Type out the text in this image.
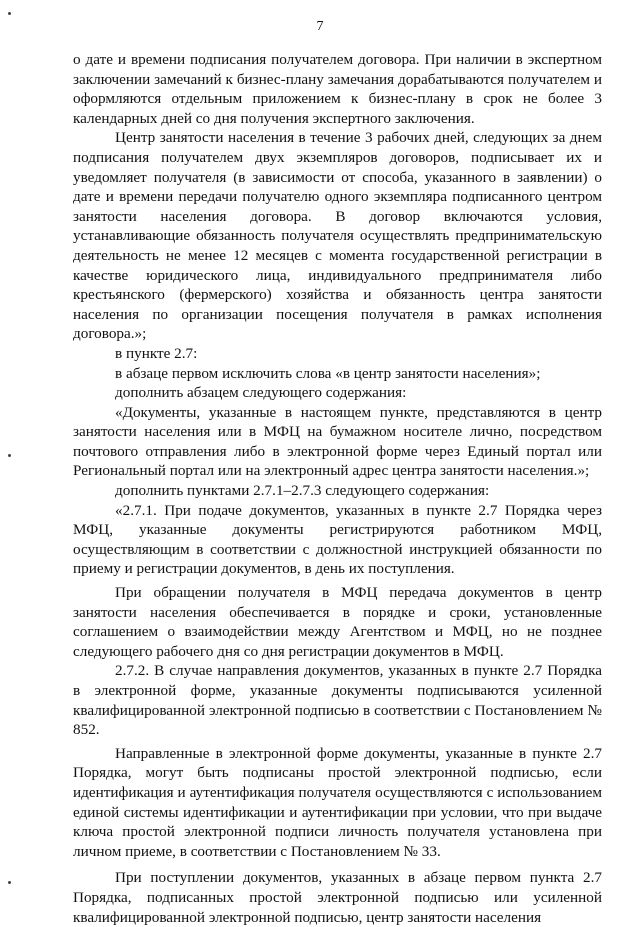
7

о дате и времени подписания получателем договора. При наличии в экспертном заключении замечаний к бизнес-плану замечания дорабатываются получателем и оформляются отдельным приложением к бизнес-плану в срок не более 3 календарных дней со дня получения экспертного заключения.

Центр занятости населения в течение 3 рабочих дней, следующих за днем подписания получателем двух экземпляров договоров, подписывает их и уведомляет получателя (в зависимости от способа, указанного в заявлении) о дате и времени передачи получателю одного экземпляра подписанного центром занятости населения договора. В договор включаются условия, устанавливающие обязанность получателя осуществлять предпринимательскую деятельность не менее 12 месяцев с момента государственной регистрации в качестве юридического лица, индивидуального предпринимателя либо крестьянского (фермерского) хозяйства и обязанность центра занятости населения по организации посещения получателя в рамках исполнения договора.»;

в пункте 2.7:

в абзаце первом исключить слова «в центр занятости населения»;

дополнить абзацем следующего содержания:

«Документы, указанные в настоящем пункте, представляются в центр занятости населения или в МФЦ на бумажном носителе лично, посредством почтового отправления либо в электронной форме через Единый портал или Региональный портал или на электронный адрес центра занятости населения.»;

дополнить пунктами 2.7.1–2.7.3 следующего содержания:

«2.7.1. При подаче документов, указанных в пункте 2.7 Порядка через МФЦ, указанные документы регистрируются работником МФЦ, осуществляющим в соответствии с должностной инструкцией обязанности по приему и регистрации документов, в день их поступления.

При обращении получателя в МФЦ передача документов в центр занятости населения обеспечивается в порядке и сроки, установленные соглашением о взаимодействии между Агентством и МФЦ, но не позднее следующего рабочего дня со дня регистрации документов в МФЦ.

2.7.2. В случае направления документов, указанных в пункте 2.7 Порядка в электронной форме, указанные документы подписываются усиленной квалифицированной электронной подписью в соответствии с Постановлением № 852.

Направленные в электронной форме документы, указанные в пункте 2.7 Порядка, могут быть подписаны простой электронной подписью, если идентификация и аутентификация получателя осуществляются с использованием единой системы идентификации и аутентификации при условии, что при выдаче ключа простой электронной подписи личность получателя установлена при личном приеме, в соответствии с Постановлением № 33.

При поступлении документов, указанных в абзаце первом пункта 2.7 Порядка, подписанных простой электронной подписью или усиленной квалифицированной электронной подписью, центр занятости населения
